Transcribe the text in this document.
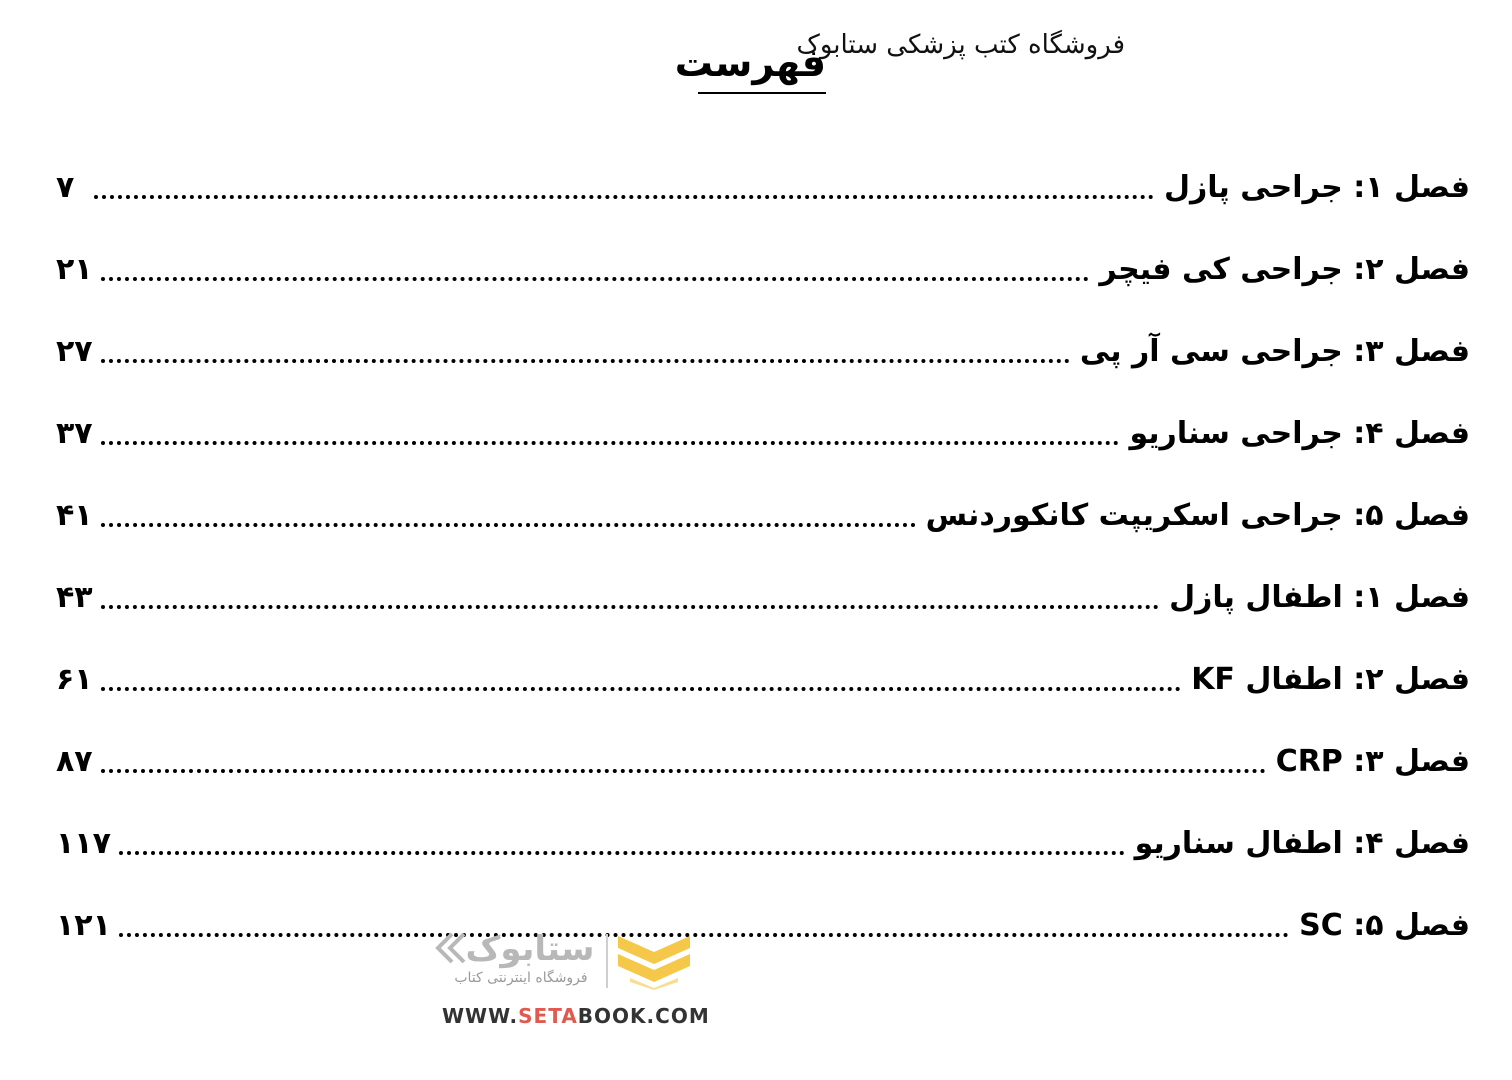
فروشگاه کتب پزشکی ستابوک
فهرست
فصل ۱: جراحی پازل
۷
فصل ۲: جراحی کی فیچر
۲۱
فصل ۳: جراحی سی آر پی
۲۷
فصل ۴: جراحی سناریو
۳۷
فصل ۵: جراحی اسکریپت کانکوردنس
۴۱
فصل ۱: اطفال پازل
۴۳
فصل ۲: اطفال KF
۶۱
فصل ۳: CRP
۸۷
فصل ۴: اطفال سناریو
۱۱۷
فصل ۵: SC
۱۲۱
ستابوک
فروشگاه اینترنتی کتاب
WWW.SETABOOK.COM
